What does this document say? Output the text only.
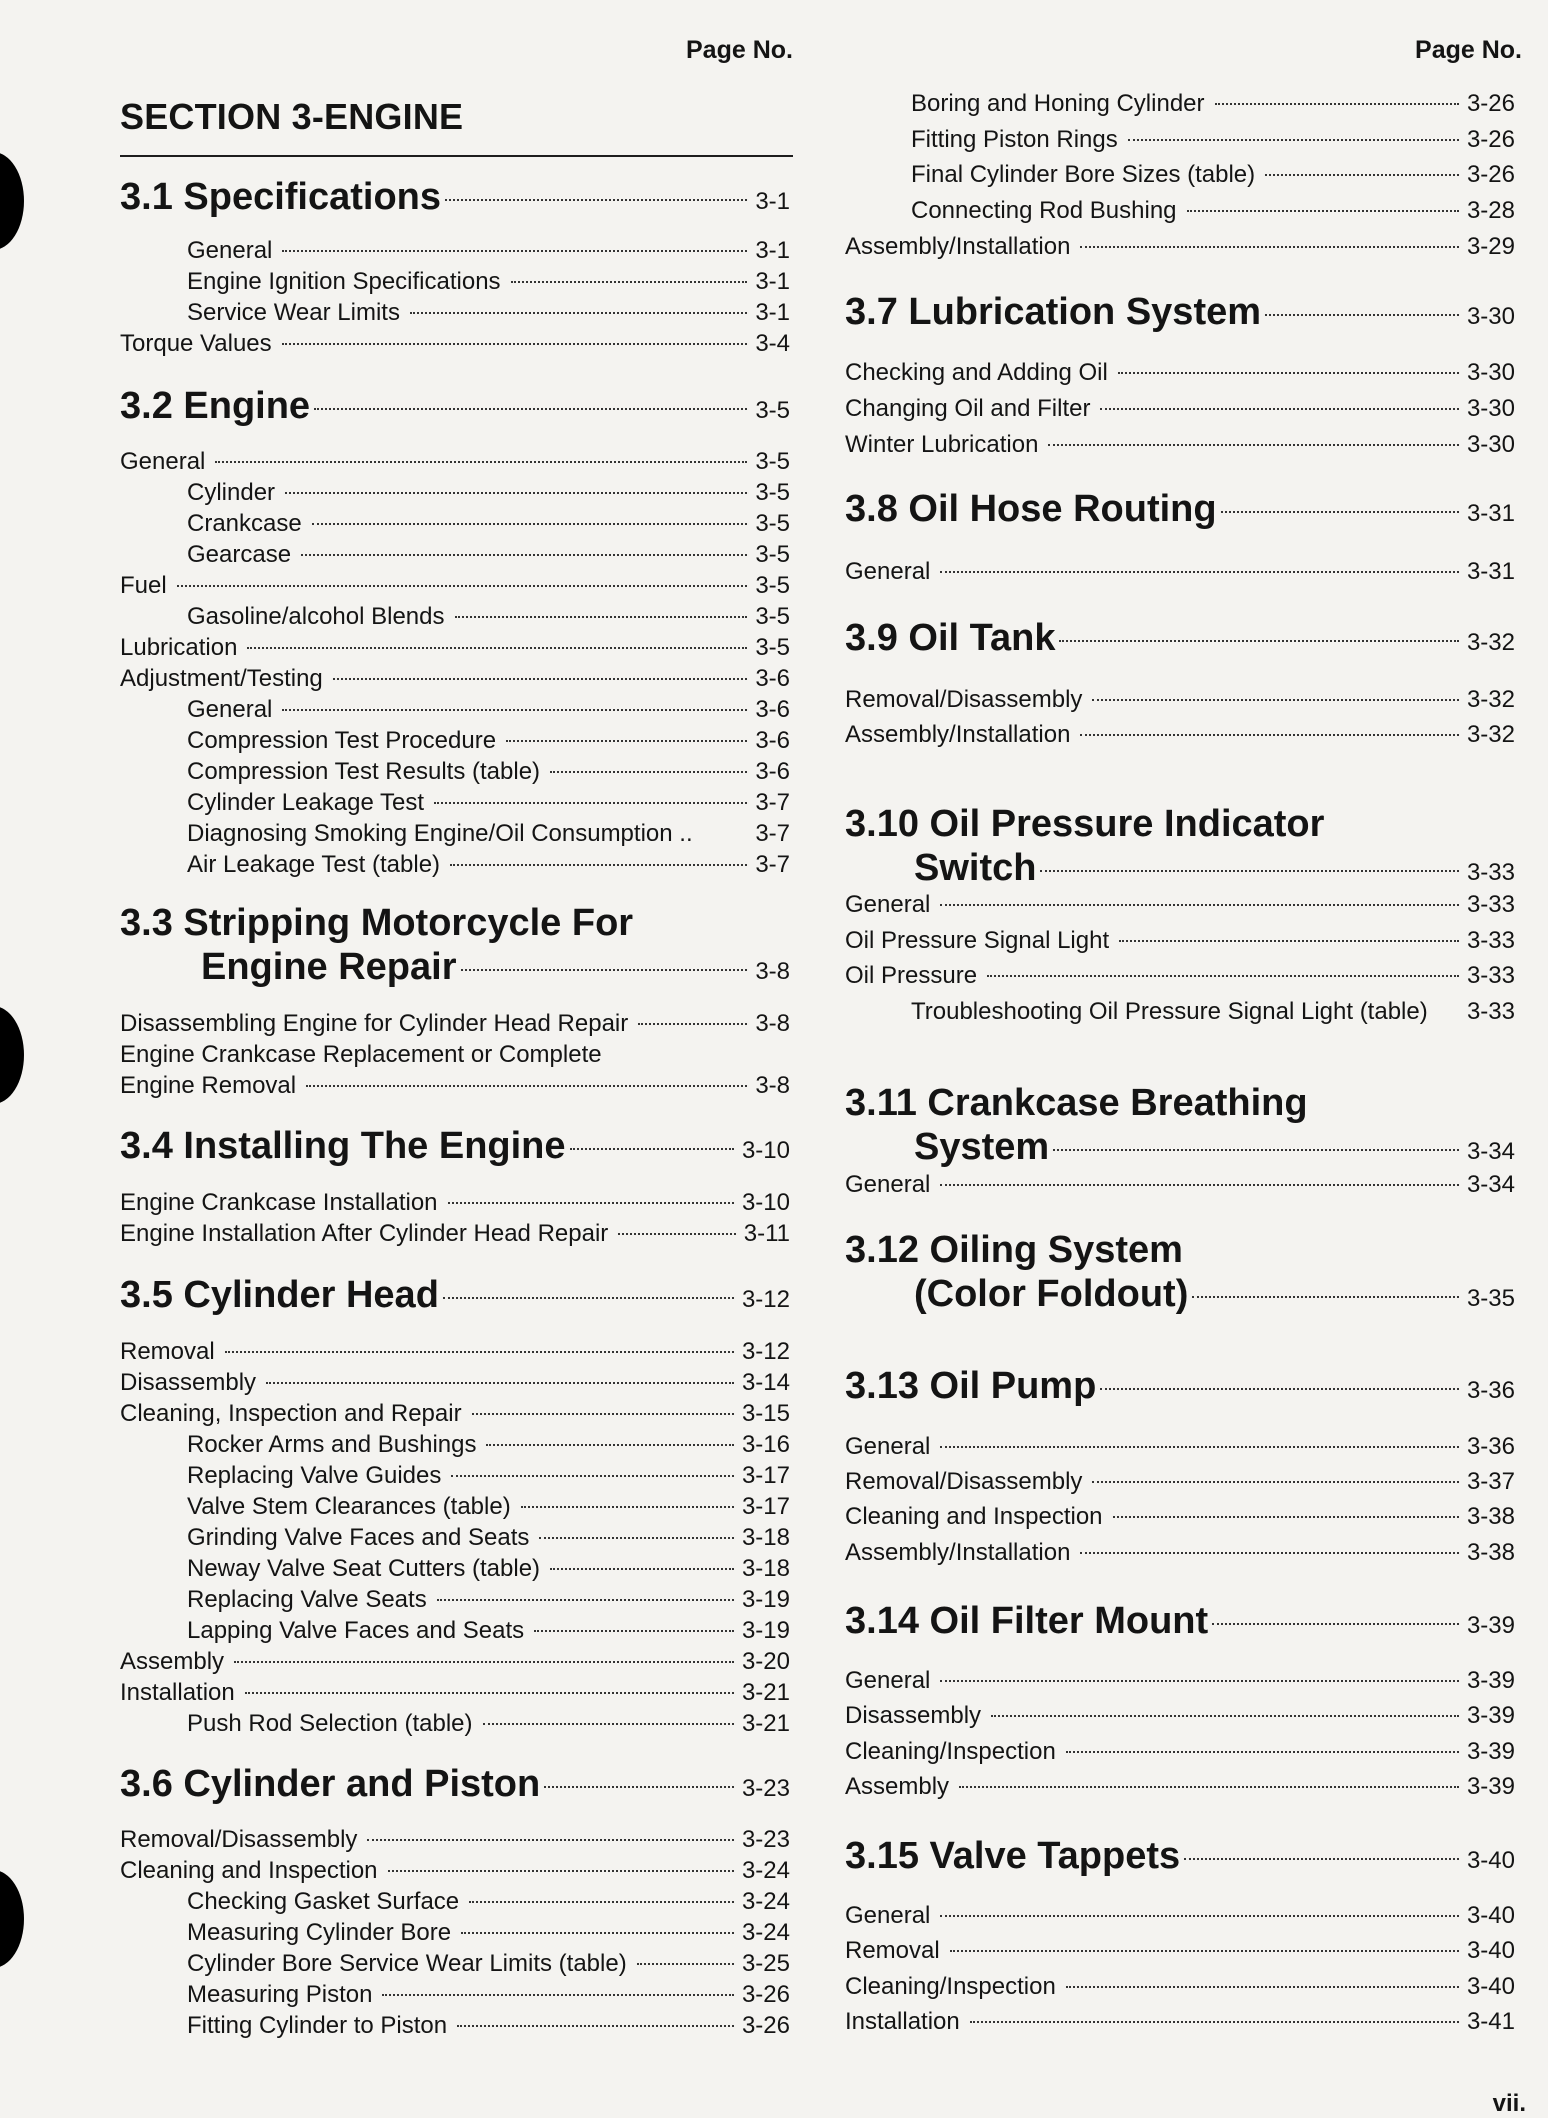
Page No.	Page No.
SECTION 3-ENGINE
3.1 Specifications	3-1
General	3-1
Engine Ignition Specifications	3-1
Service Wear Limits	3-1
Torque Values	3-4
3.2 Engine	3-5
General	3-5
Cylinder	3-5
Crankcase	3-5
Gearcase	3-5
Fuel	3-5
Gasoline/alcohol Blends	3-5
Lubrication	3-5
Adjustment/Testing	3-6
General	3-6
Compression Test Procedure	3-6
Compression Test Results (table)	3-6
Cylinder Leakage Test	3-7
Diagnosing Smoking Engine/Oil Consumption ..	3-7
Air Leakage Test (table)	3-7
3.3 Stripping Motorcycle For
Engine Repair	3-8
Disassembling Engine for Cylinder Head Repair	3-8
Engine Crankcase Replacement or Complete
Engine Removal	3-8
3.4 Installing The Engine	3-10
Engine Crankcase Installation	3-10
Engine Installation After Cylinder Head Repair	3-11
3.5 Cylinder Head	3-12
Removal	3-12
Disassembly	3-14
Cleaning, Inspection and Repair	3-15
Rocker Arms and Bushings	3-16
Replacing Valve Guides	3-17
Valve Stem Clearances (table)	3-17
Grinding Valve Faces and Seats	3-18
Neway Valve Seat Cutters (table)	3-18
Replacing Valve Seats	3-19
Lapping Valve Faces and Seats	3-19
Assembly	3-20
Installation	3-21
Push Rod Selection (table)	3-21
3.6 Cylinder and Piston	3-23
Removal/Disassembly	3-23
Cleaning and Inspection	3-24
Checking Gasket Surface	3-24
Measuring Cylinder Bore	3-24
Cylinder Bore Service Wear Limits (table)	3-25
Measuring Piston	3-26
Fitting Cylinder to Piston	3-26
Boring and Honing Cylinder	3-26
Fitting Piston Rings	3-26
Final Cylinder Bore Sizes (table)	3-26
Connecting Rod Bushing	3-28
Assembly/Installation	3-29
3.7 Lubrication System	3-30
Checking and Adding Oil	3-30
Changing Oil and Filter	3-30
Winter Lubrication	3-30
3.8 Oil Hose Routing	3-31
General	3-31
3.9 Oil Tank	3-32
Removal/Disassembly	3-32
Assembly/Installation	3-32
3.10 Oil Pressure Indicator
Switch	3-33
General	3-33
Oil Pressure Signal Light	3-33
Oil Pressure	3-33
Troubleshooting Oil Pressure Signal Light (table) 3-33
3.11 Crankcase Breathing
System	3-34
General	3-34
3.12 Oiling System
(Color Foldout)	3-35
3.13 Oil Pump	3-36
General	3-36
Removal/Disassembly	3-37
Cleaning and Inspection	3-38
Assembly/Installation	3-38
3.14 Oil Filter Mount	3-39
General	3-39
Disassembly	3-39
Cleaning/Inspection	3-39
Assembly	3-39
3.15 Valve Tappets	3-40
General	3-40
Removal	3-40
Cleaning/Inspection	3-40
Installation	3-41
vii.
